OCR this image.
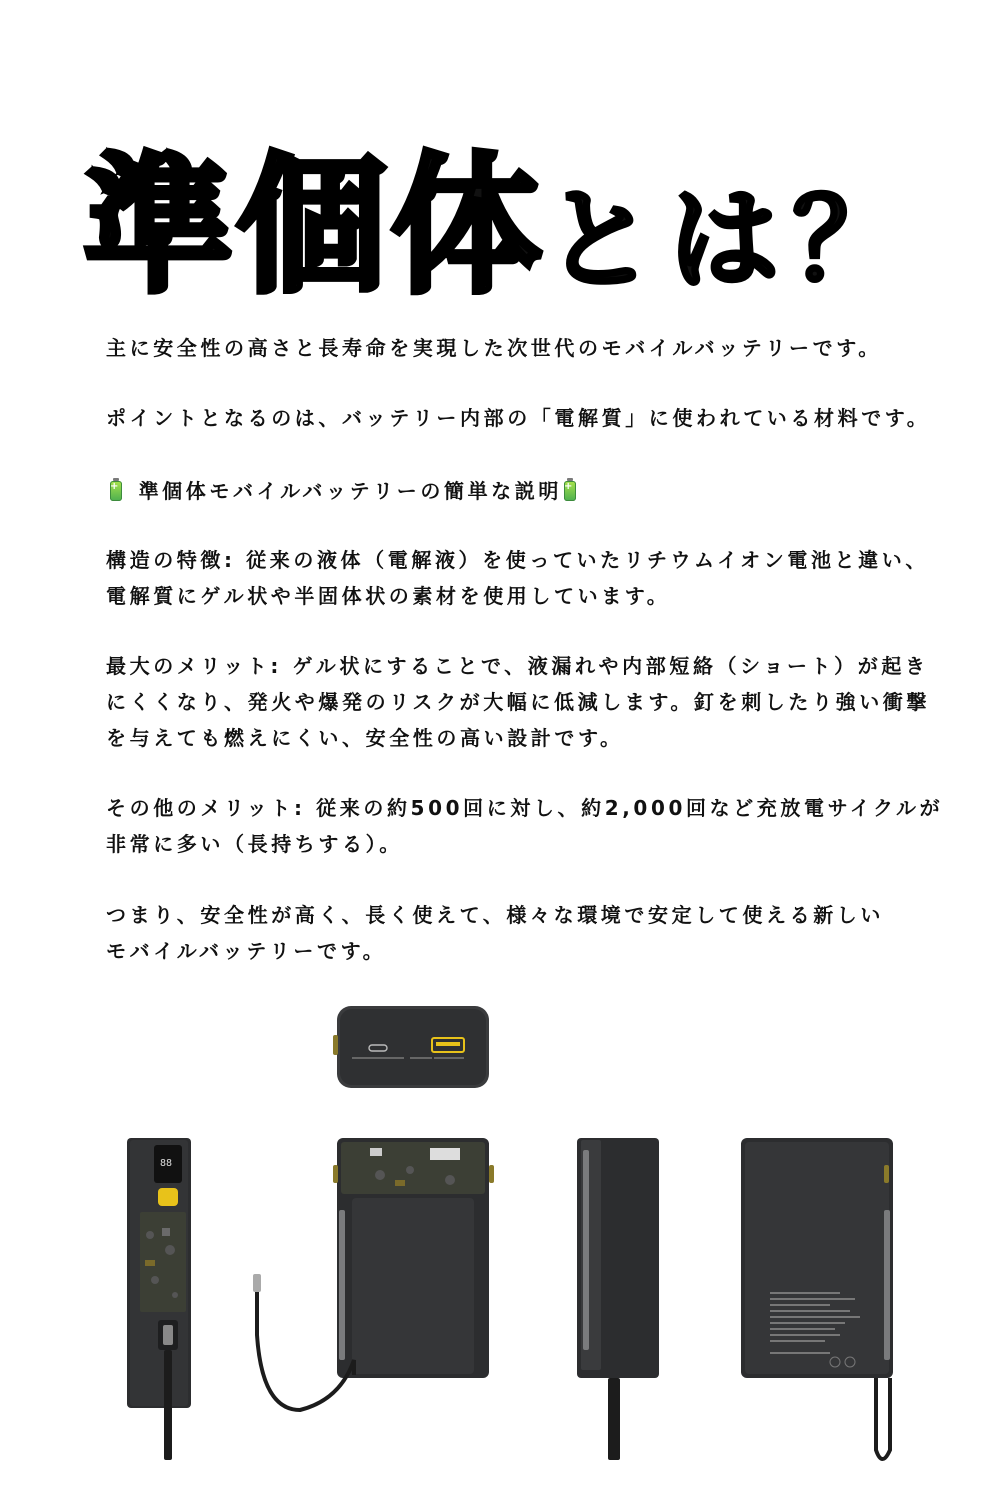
準個体とは？
主に安全性の高さと長寿命を実現した次世代のモバイルバッテリーです。
ポイントとなるのは、バッテリー内部の「電解質」に使われている材料です。
+ 準個体モバイルバッテリーの簡単な説明+
構造の特徴: 従来の液体（電解液）を使っていたリチウムイオン電池と違い、
電解質にゲル状や半固体状の素材を使用しています。
最大のメリット: ゲル状にすることで、液漏れや内部短絡（ショート）が起き
にくくなり、発火や爆発のリスクが大幅に低減します。釘を刺したり強い衝撃
を与えても燃えにくい、安全性の高い設計です。
その他のメリット: 従来の約500回に対し、約2,000回など充放電サイクルが
非常に多い（長持ちする）。
つまり、安全性が高く、長く使えて、様々な環境で安定して使える新しい
モバイルバッテリーです。
88
